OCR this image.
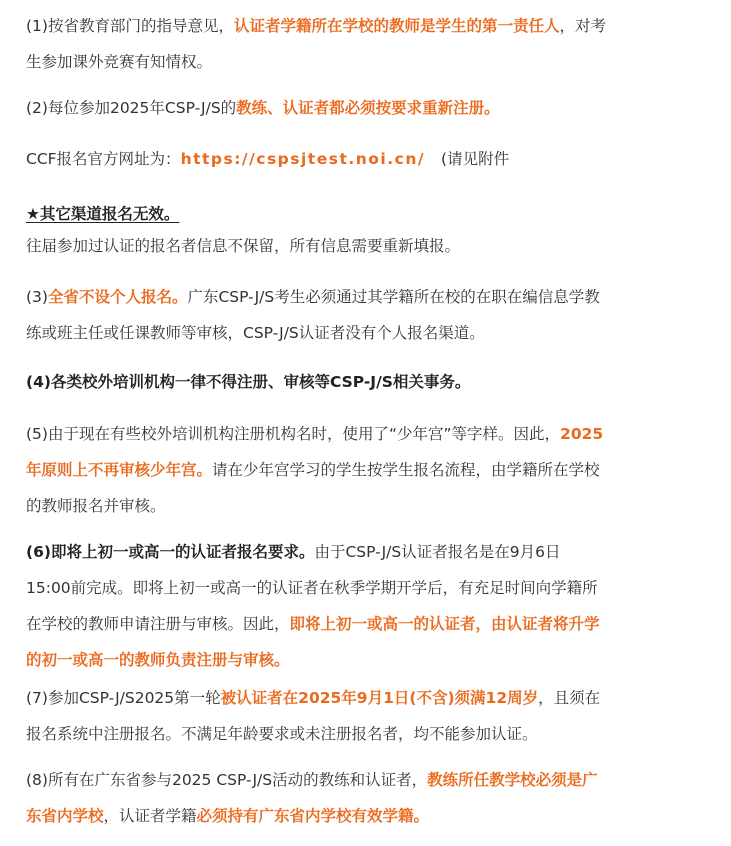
(1)按省教育部门的指导意见，认证者学籍所在学校的教师是学生的第一责任人，对考
生参加课外竞赛有知情权。

(2)每位参加2025年CSP-J/S的教练、认证者都必须按要求重新注册。

CCF报名官方网址为：https://cspsjtest.noi.cn/ (请见附件

★其它渠道报名无效。
往届参加过认证的报名者信息不保留，所有信息需要重新填报。

(3)全省不设个人报名。广东CSP-J/S考生必须通过其学籍所在校的在职在编信息学教
练或班主任或任课教师等审核，CSP-J/S认证者没有个人报名渠道。

(4)各类校外培训机构一律不得注册、审核等CSP-J/S相关事务。

(5)由于现在有些校外培训机构注册机构名时，使用了“少年宫”等字样。因此，2025
年原则上不再审核少年宫。请在少年宫学习的学生按学生报名流程，由学籍所在学校
的教师报名并审核。

(6)即将上初一或高一的认证者报名要求。由于CSP-J/S认证者报名是在9月6日
15:00前完成。即将上初一或高一的认证者在秋季学期开学后，有充足时间向学籍所
在学校的教师申请注册与审核。因此，即将上初一或高一的认证者，由认证者将升学
的初一或高一的教师负责注册与审核。

(7)参加CSP-J/S2025第一轮被认证者在2025年9月1日(不含)须满12周岁，且须在
报名系统中注册报名。不满足年龄要求或未注册报名者，均不能参加认证。

(8)所有在广东省参与2025 CSP-J/S活动的教练和认证者，教练所任教学校必须是广
东省内学校，认证者学籍必须持有广东省内学校有效学籍。
